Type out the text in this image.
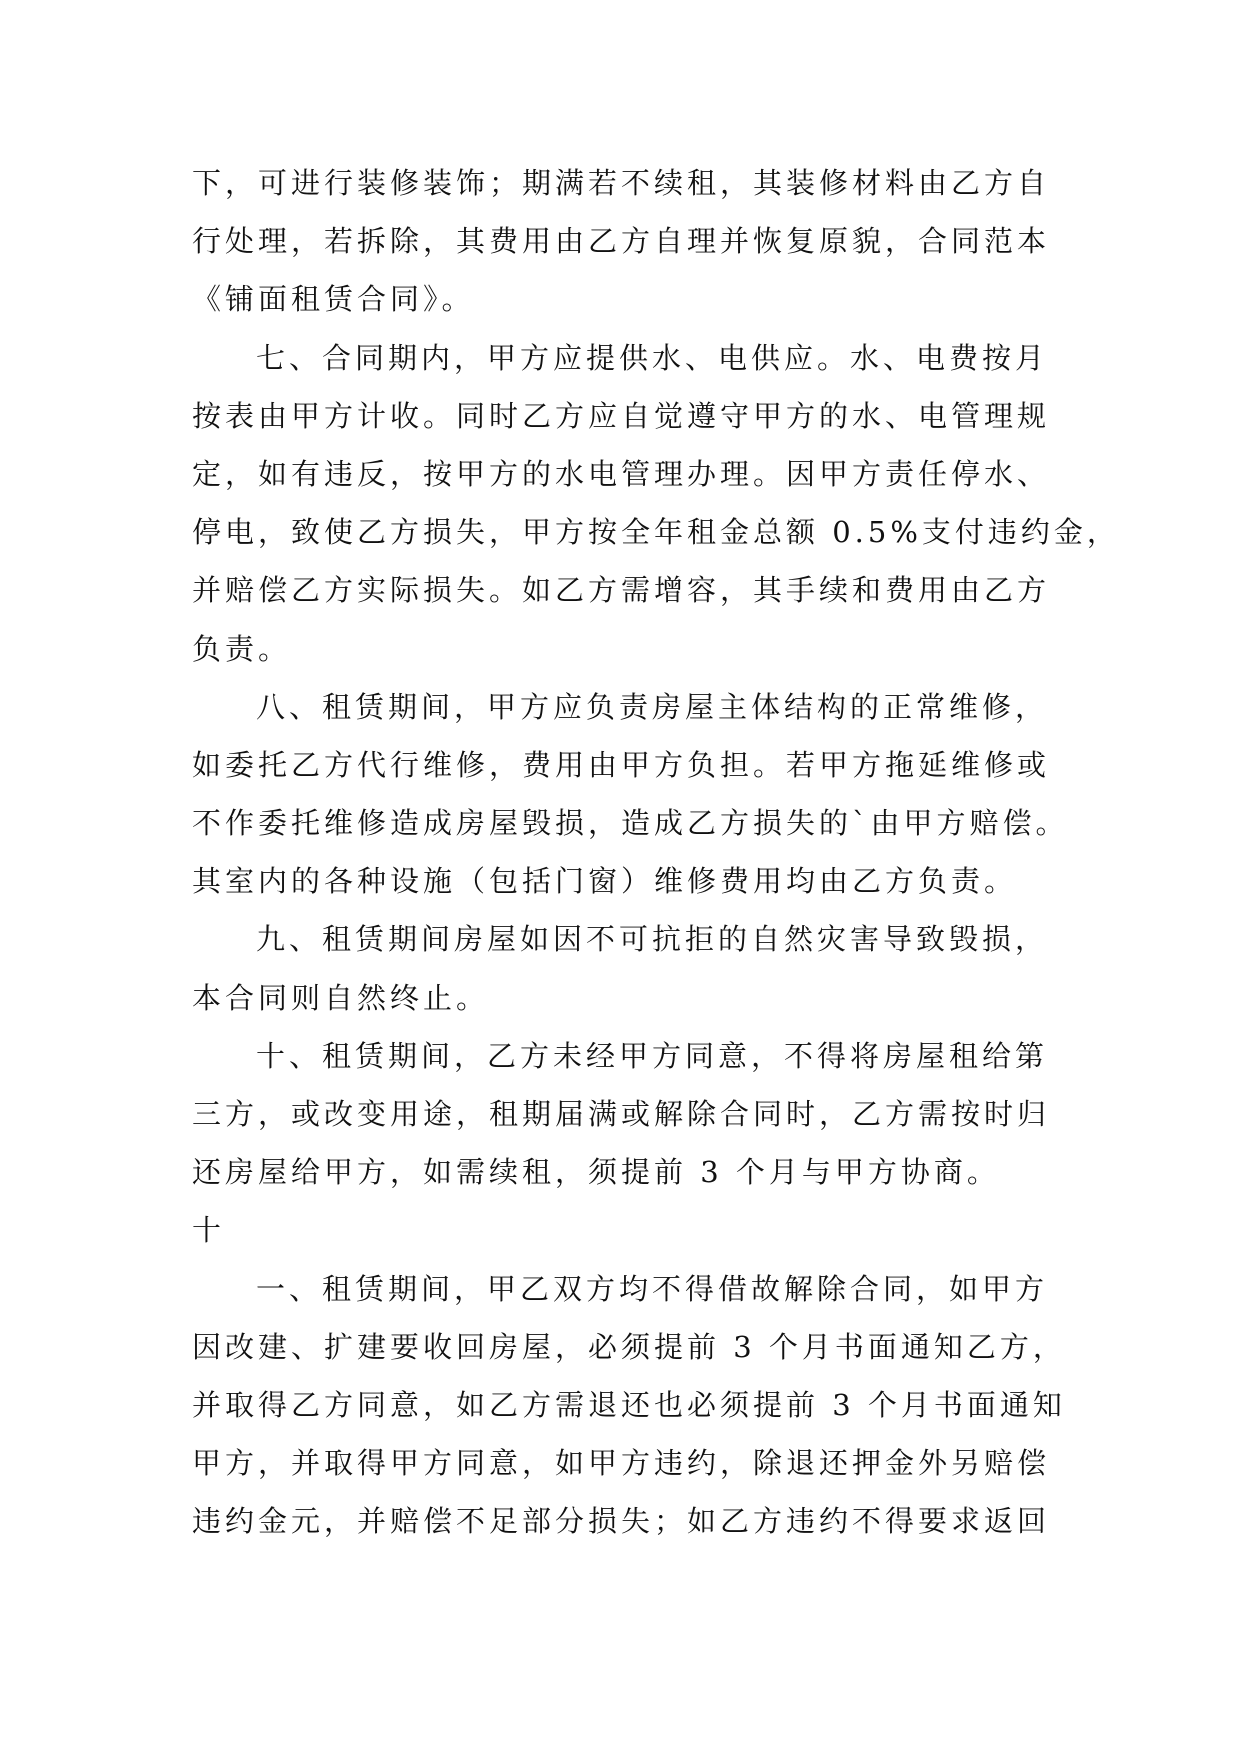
下，可进行装修装饰；期满若不续租，其装修材料由乙方自
行处理，若拆除，其费用由乙方自理并恢复原貌，合同范本
《铺面租赁合同》。
七、合同期内，甲方应提供水、电供应。水、电费按月
按表由甲方计收。同时乙方应自觉遵守甲方的水、电管理规
定，如有违反，按甲方的水电管理办理。因甲方责任停水、
停电，致使乙方损失，甲方按全年租金总额 0.5%支付违约金，
并赔偿乙方实际损失。如乙方需增容，其手续和费用由乙方
负责。
八、租赁期间，甲方应负责房屋主体结构的正常维修，
如委托乙方代行维修，费用由甲方负担。若甲方拖延维修或
不作委托维修造成房屋毁损，造成乙方损失的`由甲方赔偿。
其室内的各种设施（包括门窗）维修费用均由乙方负责。
九、租赁期间房屋如因不可抗拒的自然灾害导致毁损，
本合同则自然终止。
十、租赁期间，乙方未经甲方同意，不得将房屋租给第
三方，或改变用途，租期届满或解除合同时，乙方需按时归
还房屋给甲方，如需续租，须提前 3 个月与甲方协商。
十
一、租赁期间，甲乙双方均不得借故解除合同，如甲方
因改建、扩建要收回房屋，必须提前 3 个月书面通知乙方，
并取得乙方同意，如乙方需退还也必须提前 3 个月书面通知
甲方，并取得甲方同意，如甲方违约，除退还押金外另赔偿
违约金元，并赔偿不足部分损失；如乙方违约不得要求返回
